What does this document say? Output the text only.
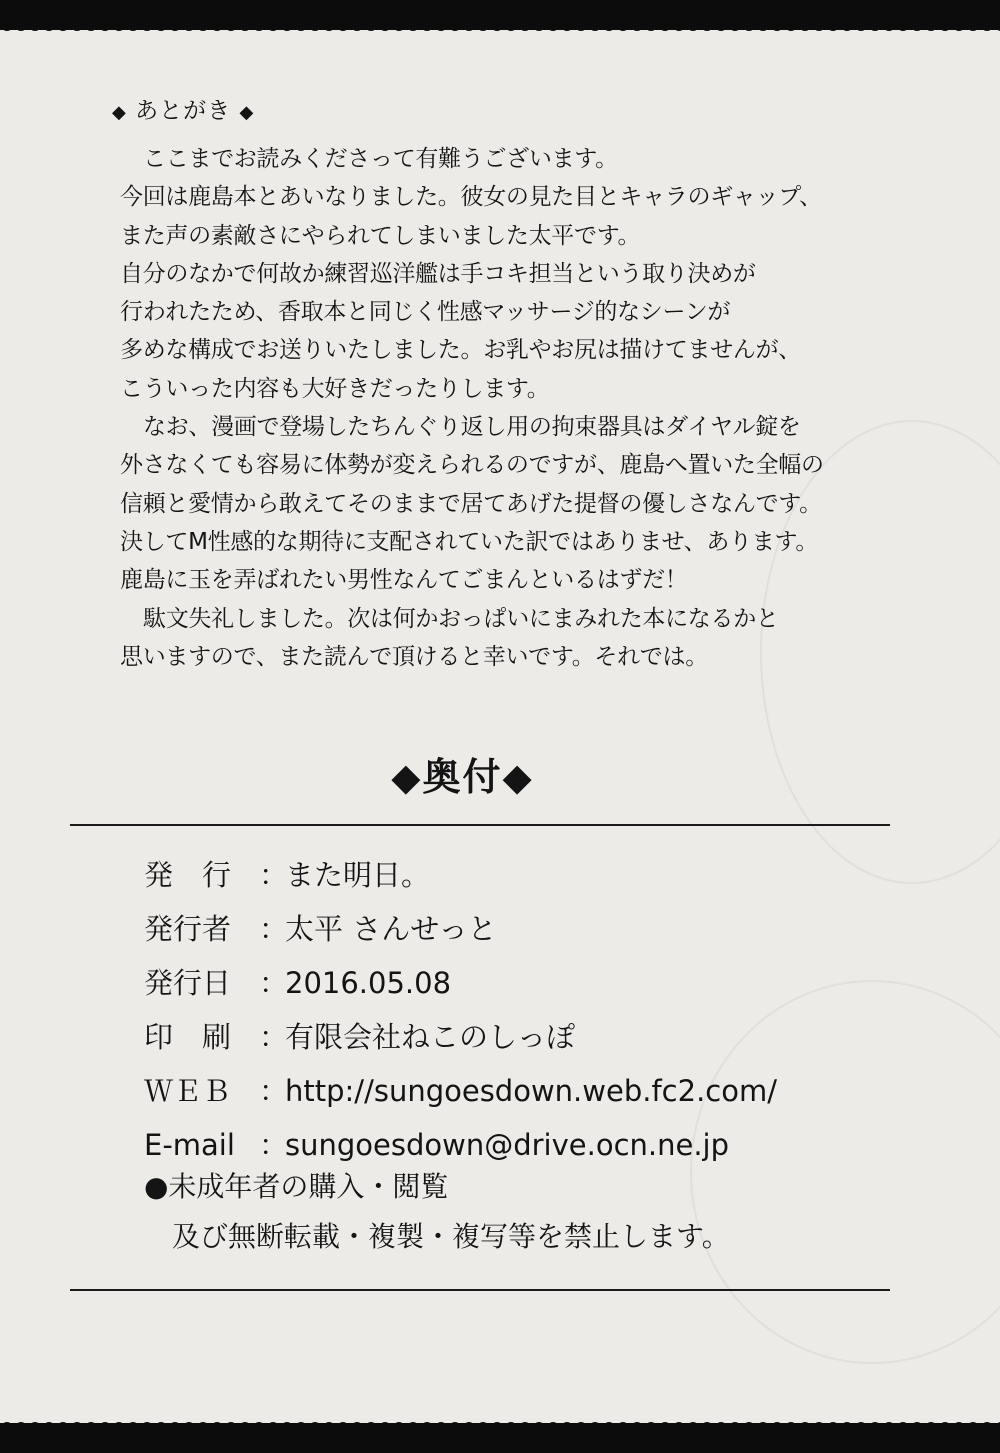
◆ あとがき ◆
ここまでお読みくださって有難うございます。
今回は鹿島本とあいなりました。彼女の見た目とキャラのギャップ、
また声の素敵さにやられてしまいました太平です。
自分のなかで何故か練習巡洋艦は手コキ担当という取り決めが
行われたため、香取本と同じく性感マッサージ的なシーンが
多めな構成でお送りいたしました。お乳やお尻は描けてませんが、
こういった内容も大好きだったりします。
なお、漫画で登場したちんぐり返し用の拘束器具はダイヤル錠を
外さなくても容易に体勢が変えられるのですが、鹿島へ置いた全幅の
信頼と愛情から敢えてそのままで居てあげた提督の優しさなんです。
決してM性感的な期待に支配されていた訳ではありませ、あります。
鹿島に玉を弄ばれたい男性なんてごまんといるはずだ！
駄文失礼しました。次は何かおっぱいにまみれた本になるかと
思いますので、また読んで頂けると幸いです。それでは。
◆奥付◆
発　行 ：
また明日。
発行者 ：
太平 さんせっと
発行日 ：
2016.05.08
印　刷 ：
有限会社ねこのしっぽ
ＷＥＢ ：
http://sungoesdown.web.fc2.com/
E-mail ：
sungoesdown@drive.ocn.ne.jp
●未成年者の購入・閲覧
及び無断転載・複製・複写等を禁止します。
